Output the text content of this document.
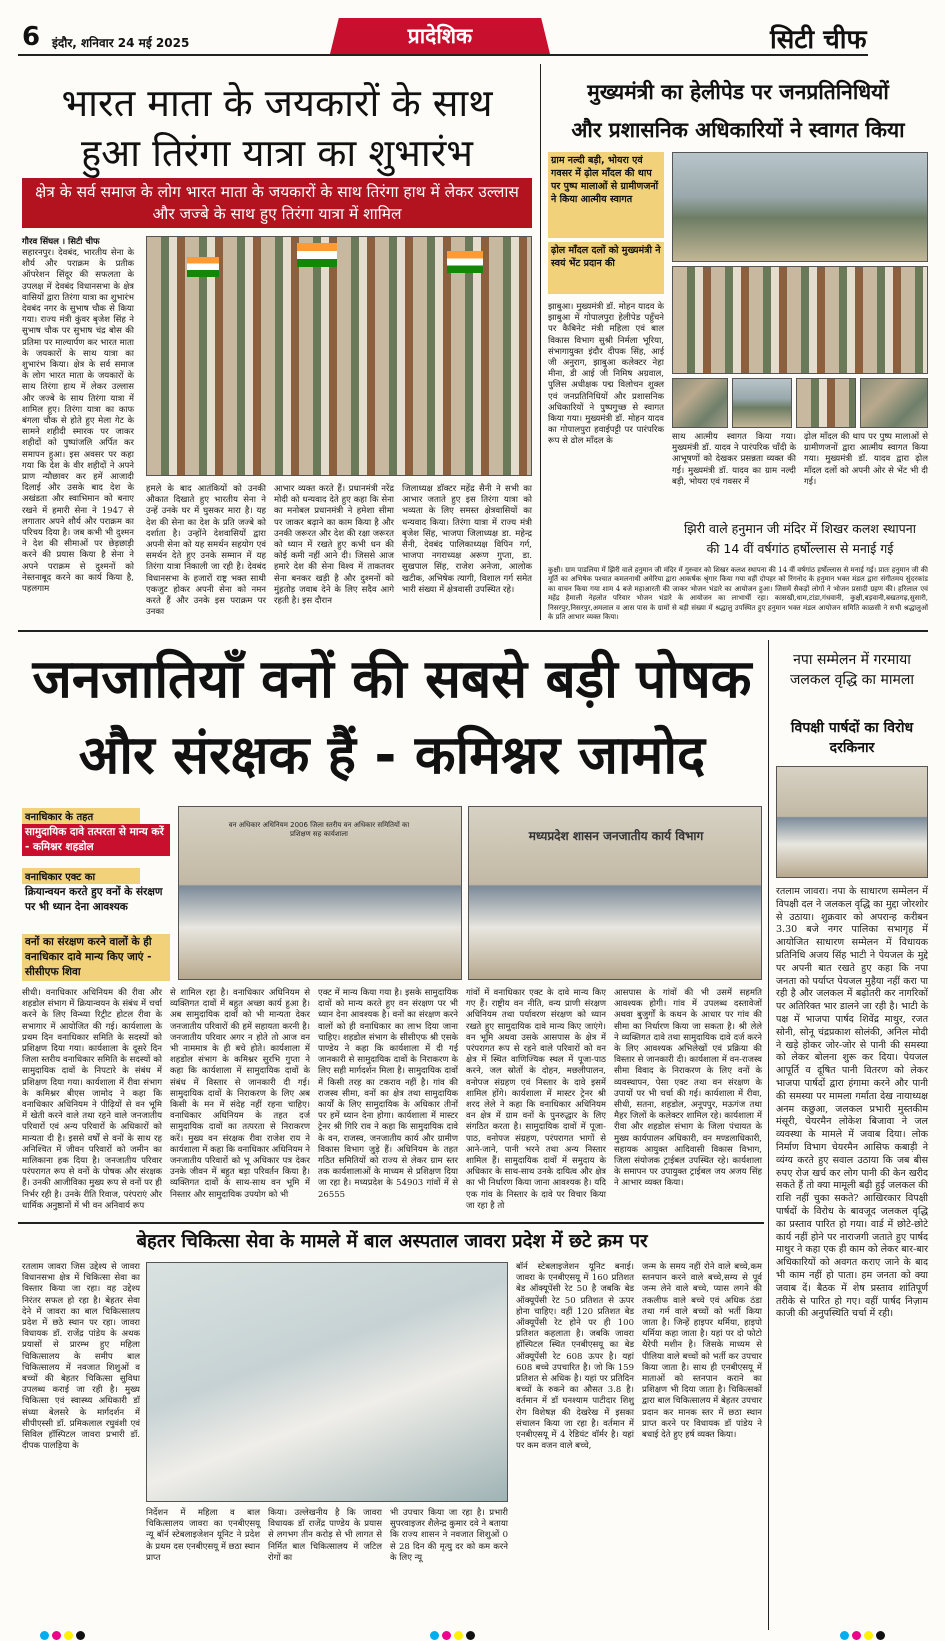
6 इंदौर, शनिवार 24 मई 2025	प्रादेशिक	सिटी चीफ
भारत माता के जयकारों के साथ
हुआ तिरंगा यात्रा का शुभारंभ
क्षेत्र के सर्व समाज के लोग भारत माता के जयकारों के साथ तिरंगा हाथ में लेकर उल्लास और जज्बे के साथ हुए तिरंगा यात्रा में शामिल
गौरव सिंघल । सिटी चीफ
सहारनपुर। देवबंद, भारतीय सेना के शौर्य और पराक्रम के प्रतीक ऑपरेशन सिंदूर की सफलता के उपलक्ष में देवबंद विधानसभा के क्षेत्र वासियों द्वारा तिरंगा यात्रा का शुभारंभ देवबंद नगर के सुभाष चौक से किया गया। राज्य मंत्री कुंवर बृजेश सिंह ने सुभाष चौक पर सुभाष चंद्र बोस की प्रतिमा पर माल्यार्पण कर भारत माता के जयकारों के साथ यात्रा का शुभारंभ किया। क्षेत्र के सर्व समाज के लोग भारत माता के जयकारों के साथ तिरंगा हाथ में लेकर उल्लास और जज्बे के साथ तिरंगा यात्रा में शामिल हुए। तिरंगा यात्रा का काफ बंगला चौक से होते हुए मेला गेट के सामने शहीदी स्मारक पर जाकर शहीदों को पुष्पांजलि अर्पित कर समापन हुआ। इस अवसर पर कहा गया कि देश के वीर शहीदों ने अपने प्राण न्यौछावर कर हमें आजादी दिलाई और उसके बाद देश के अखंडता और स्वाभिमान को बनाए रखने में हमारी सेना ने 1947 से लगातार अपने शौर्य और पराक्रम का परिचय दिया है। जब कभी भी दुश्मन ने देश की सीमाओं पर छेड़छाड़ी करने की प्रयास किया है सेना ने अपने पराक्रम से दुश्मनों को नेस्तनाबूद करने का कार्य किया है, पहलगाम
हमले के बाद आतंकियों को उनकी औकात दिखाते हुए भारतीय सेना ने उन्हें उनके घर में घुसकर मारा है। यह देश की सेना का देश के प्रति जज्बे को दर्शाता है। उन्होंने देशवासियों द्वारा अपनी सेना को यह समर्थन सहयोग एवं समर्थन देते हुए उनके सम्मान में यह तिरंगा यात्रा निकाली जा रही है। देवबंद विधानसभा के हजारों राष्ट्र भक्त साथी एकजुट होकर अपनी सेना को नमन करते हैं और उनके इस पराक्रम पर उनका
आभार व्यक्त करते हैं। प्रधानमंत्री नरेंद्र मोदी को धन्यवाद देते हुए कहा कि सेना का मनोबल प्रधानमंत्री ने हमेशा सीमा पर जाकर बढ़ाने का काम किया है और उनकी जरूरत और देश की रक्षा जरूरत को ध्यान में रखते हुए कभी धन की कोई कमी नहीं आने दी। जिससे आज हमारे देश की सेना विश्व में ताकतवर सेना बनकर खड़ी है और दुश्मनों को मुंहतोड़ जवाब देने के लिए सदैव आगे रहती है। इस दौरान
जिलाध्यक्ष डॉक्टर महेंद्र सैनी ने सभी का आभार जताते हुए इस तिरंगा यात्रा को भव्यता के लिए समस्त क्षेत्रवासियों का धन्यवाद किया। तिरंगा यात्रा में राज्य मंत्री बृजेश सिंह, भाजपा जिलाध्यक्ष डा. महेन्द्र सैनी, देवबंद पालिकाध्यक्ष विपिन गर्ग, भाजपा नगराध्यक्ष अरूण गुप्ता, डा. सुखपाल सिंह, राजेश अनेजा, आलोक खटीक, अभिषेक त्यागी, विशाल गर्ग समेत भारी संख्या में क्षेत्रवासी उपस्थित रहे।
मुख्यमंत्री का हेलीपेड पर जनप्रतिनिधियों
और प्रशासनिक अधिकारियों ने स्वागत किया
ग्राम नल्दी बड़ी, भोयरा एवं गवसर में ढ़ोल माँदल की थाप पर पुष्प मालाओं से ग्रामीणजनों ने किया आत्मीय स्वागत
ढ़ोल माँदल दलों को मुख्यमंत्री ने स्वयं भेंट प्रदान की
झाबुआ। मुख्यमंत्री डॉ. मोहन यादव के झाबुआ में गोपालपुरा हेलीपेड पहुँचने पर कैबिनेट मंत्री महिला एवं बाल विकास विभाग सुश्री निर्मला भूरिया, संभागायुक्त इंदौर दीपक सिंह, आई जी अनुराग, झाबुआ कलेक्टर नेहा मीना, डी आई जी निमिष अग्रवाल, पुलिस अधीक्षक पद्म विलोचन शुक्ल एवं जनप्रतिनिधियों और प्रशासनिक अधिकारियों ने पुष्पगुच्छ से स्वागत किया गया। मुख्यमंत्री डॉ. मोहन यादव का गोपालपुरा हवाईपट्टी पर पारंपरिक रूप से ढोल माँदल के	साथ आत्मीय स्वागत किया गया। मुख्यमंत्री डॉ. यादव ने पारंपरिक चाँदी के आभूषणों को देखकर प्रसन्नता व्यक्त की गई। मुख्यमंत्री डॉ. यादव का ग्राम नल्दी बड़ी, भोयरा एवं गवसर में
ढ़ोल माँदल की थाप पर पुष्प मालाओं से ग्रामीणजनों द्वारा आत्मीय स्वागत किया गया। मुख्यमंत्री डॉ. यादव द्वारा ढ़ोल माँदल दलों को अपनी ओर से भेंट भी दी गई।
झिरी वाले हनुमान जी मंदिर में शिखर कलश स्थापना
की 14 वीं वर्षगांठ हर्षोल्लास से मनाई गई
कुक्षी। ग्राम पाडलिया में झिरी वाले हनुमान जी मंदिर में गुरुवार को शिखर कलश स्थापना की 14 वीं वर्षगांठ हर्षोल्लास से मनाई गई। प्रातः हनुमान जी की मूर्ति का अभिषेक पश्चात कमलनाथी अमेरिया द्वारा आकर्षक श्रृंगार किया गया वहीं दोपहर को रिंगनोद के हनुमान भक्त मंडल द्वारा संगीतमय सुंदरकांड का वाचन किया गया शाम 4 बजे महाआरती की जाकर भोजन भंडारे का आयोजन हुआ। जिसमें सैकड़ों लोगों ने भोजन प्रसादी ग्रहण की। हरिलाल एवं महेंद्र हैमाली नेहलोत परिवार भोजन भंडारे के आयोजन का लाभार्थी रहा। कासखी,धाम,टांडा,गंधवानी, कुक्षी,बड़वानी,बखतगढ़,सुसारी, निसरपुर,निसरपुर,अमलाल व आस पास के ग्रामों से बड़ी संख्या में श्रद्धालु उपस्थित हुए हनुमान भक्त मंडल आयोजन समिति काळसी ने सभी श्रद्धालुओं के प्रति आभार व्यक्त किया।
जनजातियाँ वनों की सबसे बड़ी पोषक
और संरक्षक हैं - कमिश्नर जामोद
वनाधिकार के तहत
सामुदायिक दावे तत्परता से मान्य करें - कमिश्नर शहडोल
वनाधिकार एक्ट का
क्रियान्वयन करते हुए वनों के संरक्षण पर भी ध्यान देना आवश्यक
वनों का संरक्षण करने वालों के ही वनाधिकार दावे मान्य किए जाएं - सीसीएफ शिवा
वन अधिकार अधिनियम 2006 जिला स्तरीय वन अधिकार समितियों का प्रशिक्षण सह कार्यशाला	मध्यप्रदेश शासन जनजातीय कार्य विभाग
सीधी। वनाधिकार अधिनियम की रीवा और शहडोल संभाग में क्रियान्वयन के संबंध में चर्चा करने के लिए विन्ध्या रिट्रीट होटल रीवा के सभागार में आयोजित की गई। कार्यशाला के प्रथम दिन वनाधिकार समिति के सदस्यों को प्रशिक्षण दिया गया। कार्यशाला के दूसरे दिन जिला स्तरीय वनाधिकार समिति के सदस्यों को सामुदायिक दावों के निपटारे के संबंध में प्रशिक्षण दिया गया। कार्यशाला में रीवा संभाग के कमिश्नर बीएस जामोद ने कहा कि वनाधिकार अधिनियम ने पीढ़ियों से वन भूमि में खेती करने वाले तथा रहने वाले जनजातीय परिवारों एवं अन्य परिवारों के अधिकारों को मान्यता दी है। इससे वर्षों से वनों के साथ रह अनिश्चित में जीवन परिवारों को जमीन का मालिकाना हक दिया है। जनजातीय परिवार परंपरागत रूप से वनों के पोषक और संरक्षक हैं। उनकी आजीविका मुख्य रूप से वनों पर ही निर्भर रही है। उनके रीति रिवाज, परंपराएं और धार्मिक अनुष्ठानों में भी वन अनिवार्य रूप
से शामिल रहा है। वनाधिकार अधिनियम से व्यक्तिगत दावों में बहुत अच्छा कार्य हुआ है। अब सामुदायिक दावों को भी मान्यता देकर जनजातीय परिवारों की हमें सहायता करनी है। जनजातीय परिवार अगर न होते तो आज वन भी नाममात्र के ही बचे होते। कार्यशाला में शहडोल संभाग के कमिश्नर सुरभि गुप्ता ने कहा कि कार्यशाला में सामुदायिक दावों के संबंध में विस्तार से जानकारी दी गई। सामुदायिक दावों के निराकरण के लिए अब किसी के मन में संदेह नहीं रहना चाहिए। वनाधिकार अधिनियम के तहत दर्ज सामुदायिक दावों का तत्परता से निराकरण करें। मुख्य वन संरक्षक रीवा राजेश राय ने कार्यशाला में कहा कि वनाधिकार अधिनियम ने जनजातीय परिवारों को भू अधिकार पत्र देकर उनके जीवन में बहुत बड़ा परिवर्तन किया है। व्यक्तिगत दावों के साथ-साथ वन भूमि में निस्तार और सामुदायिक उपयोग को भी
एक्ट में मान्य किया गया है। इसके सामुदायिक दावों को मान्य करते हुए वन संरक्षण पर भी ध्यान देना आवश्यक है। वनों का संरक्षण करने वालों को ही वनाधिकार का लाभ दिया जाना चाहिए। शहडोल संभाग के सीसीएफ श्री एसके पाण्डेय ने कहा कि कार्यशाला में दी गई जानकारी से सामुदायिक दावों के निराकरण के लिए सही मार्गदर्शन मिला है। सामुदायिक दावों में किसी तरह का टकराव नहीं है। गांव की राजस्व सीमा, वनों का क्षेत्र तथा सामुदायिक कार्यों के लिए सामुदायिक के अधिकार तीनों पर हमें ध्यान देना होगा। कार्यशाला में मास्टर ट्रेनर श्री गिरि राव ने कहा कि सामुदायिक दावे के वन, राजस्व, जनजातीय कार्य और ग्रामीण विकास विभाग जुड़े हैं। अधिनियम के तहत गठित समितियों को राज्य से लेकर ग्राम स्तर तक कार्यशालाओं के माध्यम से प्रशिक्षण दिया जा रहा है। मध्यप्रदेश के 54903 गांवों में से 26555
गांवों में वनाधिकार एक्ट के दावे मान्य किए गए हैं। राष्ट्रीय वन नीति, वन्य प्राणी संरक्षण अधिनियम तथा पर्यावरण संरक्षण को ध्यान रखते हुए सामुदायिक दावे मान्य किए जाएंगे। वन भूमि अथवा उसके आसपास के क्षेत्र में परंपरागत रूप से रहने वाले परिवारों को वन क्षेत्र में स्थित वाणिज्यिक स्थल में पूजा-पाठ करने, जल स्रोतों के दोहन, मछलीपालन, वनोपज संग्रहण एवं निस्तार के दावे इसमें शामिल होंगे। कार्यशाला में मास्टर ट्रेनर श्री शरद लेले ने कहा कि वनाधिकार अधिनियम वन क्षेत्र में ग्राम वनों के पुनरुद्धार के लिए संगठित करता है। सामुदायिक दावों में पूजा-पाठ, वनोपज संग्रहण, परंपरागत भागों से आने-जाने, पानी भरने तथा अन्य निस्तार शामिल हैं। सामुदायिक दावों में समुदाय के अधिकार के साथ-साथ उनके दायित्व और क्षेत्र का भी निर्धारण किया जाना आवश्यक है। यदि एक गांव के निस्तार के दावे पर विचार किया जा रहा है तो
आसपास के गांवों की भी उसमें सहमति आवश्यक होगी। गांव में उपलब्ध दस्तावेजों अथवा बुजुर्गों के कथन के आधार पर गांव की सीमा का निर्धारण किया जा सकता है। श्री लेले ने व्यक्तिगत दावे तथा सामुदायिक दावे दर्ज करने के लिए आवश्यक अभिलेखों एवं प्रक्रिया की विस्तार से जानकारी दी। कार्यशाला में वन-राजस्व सीमा विवाद के निराकरण के लिए वनों के व्यवस्थापन, पेसा एक्ट तथा वन संरक्षण के उपायों पर भी चर्चा की गई। कार्यशाला में रीवा, सीधी, सतना, शहडोल, अनूपपुर, मऊगंज तथा मैहर जिलों के कलेक्टर शामिल रहे। कार्यशाला में रीवा और शहडोल संभाग के जिला पंचायत के मुख्य कार्यपालन अधिकारी, वन मण्डलाधिकारी, सहायक आयुक्त आदिवासी विकास विभाग, जिला संयोजक ट्राईबल उपस्थित रहे। कार्यशाला के समापन पर उपायुक्त ट्राईबल जय अजय सिंह ने आभार व्यक्त किया।
नपा सम्मेलन में गरमाया जलकल वृद्धि का मामला
विपक्षी पार्षदों का विरोध दरकिनार
रतलाम जावरा। नपा के साधारण सम्मेलन में विपक्षी दल ने जलकल वृद्धि का मुद्दा जोरशोर से उठाया। शुक्रवार को अपरान्ह करीबन 3.30 बजे नगर पालिका सभागृह में आयोजित साधारण सम्मेलन में विधायक प्रतिनिधि अजय सिंह भाटी ने पेयजल के मुद्दे पर अपनी बात रखते हुए कहा कि नपा जनता को पर्याप्त पेयजल मुहैया नहीं करा पा रही है और जलकल में बढ़ोतरी कर नागरिकों पर अतिरिक्त भार डालने जा रही है। भाटी के पक्ष में भाजपा पार्षद शिवेंद्र माथुर, रजत सोनी, सोनू चंद्रप्रकाश सोलंकी, अनिल मोदी ने खड़े होकर जोर-जोर से पानी की समस्या को लेकर बोलना शुरू कर दिया। पेयजल आपूर्ति व दूषित पानी वितरण को लेकर भाजपा पार्षदों द्वारा हंगामा करने और पानी की समस्या पर मामला गर्माता देख नायाध्यक्ष अनम कछुआ, जलकल प्रभारी मुस्तकीम मंसूरी, चेयरमैन लोकेश बिजावा ने जल व्यवस्था के मामले में जवाब दिया। लोक निर्माण विभाग चेयरमैन आसिफ कबाड़ी ने व्यंग्य करते हुए सवाल उठाया कि जब बीस रुपए रोज खर्च कर लोग पानी की केन खरीद सकते हैं तो क्या मामूली बढ़ी हुई जलकल की राशि नहीं चुका सकते? आखिरकार विपक्षी पार्षदों के विरोध के बावजूद जलकल वृद्धि का प्रस्ताव पारित हो गया। वार्ड में छोटे-छोटे कार्य नहीं होने पर नाराजगी जताते हुए पार्षद माथुर ने कहा एक ही काम को लेकर बार-बार अधिकारियों को अवगत कराए जाने के बाद भी काम नहीं हो पाता। हम जनता को क्या जवाब दें। बैठक में शेष प्रस्ताव शांतिपूर्ण तरीके से पारित हो गए। वहीं पार्षद निज़ाम काजी की अनुपस्थिति चर्चा में रही।
बेहतर चिकित्सा सेवा के मामले में बाल अस्पताल जावरा प्रदेश में छटे क्रम पर
रतलाम जावरा जिस उद्देश्य से जावरा विधानसभा क्षेत्र में चिकित्सा सेवा का विस्तार किया जा रहा। वह उद्देश्य निरंतर सफल हो रहा है। बेहतर सेवा देने में जावरा का बाल चिकित्सालय प्रदेश में छठे स्थान पर रहा। जावरा विधायक डॉ. राजेंद्र पांडेय के अथक प्रयासों से प्रारम्भ हुए महिला चिकित्सालय के समीप बाल चिकित्सालय में नवजात शिशुओं व बच्चों की बेहतर चिकित्सा सुविधा उपलब्ध कराई जा रही है। मुख्य चिकित्सा एवं स्वास्थ्य अधिकारी डॉ संध्या बेलसरे के मार्गदर्शन में सीपीएस्सी डॉ. प्रमिकलाल रघुवंशी एवं सिविल हॉस्पिटल जावरा प्रभारी डॉ. दीपक पालड़िया के
निर्देशन में महिला व बाल चिकित्सालय जावरा का एनबीएसयू न्यू बॉर्न स्टेबलाइजेशन यूनिट ने प्रदेश के प्रथम दस एनबीएसयू में छठा स्थान प्राप्त
किया। उल्लेखनीय है कि जावरा विधायक डॉ राजेंद्र पाण्डेय के प्रयास से लगभग तीन करोड़ से भी लागत से निर्मित बाल चिकित्सालय में जटिल रोगों का
भी उपचार किया जा रहा है। प्रभारी सुपरवाइजर शैलेन्द्र कुमार दवे ने बताया कि राज्य शासन ने नवजात शिशुओं 0 से 28 दिन की मृत्यु दर को कम करने के लिए न्यू
बॉर्न स्टेबलाइजेशन यूनिट बनाई। जावरा के एनबीएसयू में 160 प्रतिशत बेड ऑक्यूपेंसी रेट 50 है जबकि बेड ऑक्यूपेंसी रेट 50 प्रतिशत से ऊपर होना चाहिए। वहीं 120 प्रतिशत बेड ऑक्यूपेंसी रेट होने पर ही 100 प्रतिशत कहलाता है। जबकि जावरा हॉस्पिटल स्थित एनबीएसयू का बेड ऑक्यूपेंसी रेट 608 ऊपर है। यहां 608 बच्चे उपचारित है। जो कि 159 प्रतिशत से अधिक है। यहां पर प्रतिदिन बच्चों के रुकने का औसत 3.8 है। वर्तमान में डॉ घनश्याम पाटीदार शिशु रोग विशेषज्ञ की देखरेख में इसका संचालन किया जा रहा है। वर्तमान में एनबीएसयू में 4 रेडियंट वॉर्मर है। यहां पर कम वजन वाले बच्चे,
जन्म के समय नहीं रोने वाले बच्चे,कम स्तनपान करने वाले बच्चे,सम्य से पूर्व जन्म लेने वाले बच्चे, प्यास लगने की तकलीफ वाले बच्चे एवं अधिक ठंडा तथा गर्म वाले बच्चों को भर्ती किया जाता है। जिन्हें हाइपर थर्मिया, हाइपो थर्मिया कहा जाता है। यहां पर दो फोटो थैरेपी मशीन है। जिसके माध्यम से पीलिया वाले बच्चों को भर्ती कर उपचार किया जाता है। साथ ही एनबीएसयू में माताओं को स्तनपान कराने का प्रशिक्षण भी दिया जाता है। चिकित्सकों द्वारा बाल चिकित्सालय में बेहतर उपचार प्रदान कर मानक स्तर में छठा स्थान प्राप्त करने पर विधायक डॉ पांडेय ने बधाई देते हुए हर्ष व्यक्त किया।
